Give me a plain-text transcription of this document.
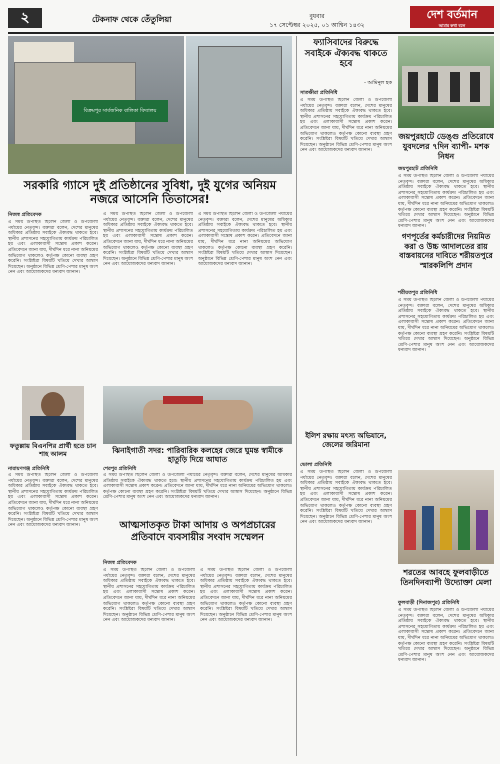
২	টেকনাফ থেকে তেঁতুলিয়া	বুধবার
১৭ সেপ্টেম্বর ২০২৫, ০১ আশ্বিন ১৪৩২
দেশ বর্তমান
আমার কথা বলে
বিক্রমপুর সার্বজনিক বালিকা বিদ্যালয়
সরকারি গ্যাসে দুই প্রতিষ্ঠানের সুবিধা, দুই যুগের অনিয়ম নজরে আসেনি তিতাসের!
নিজস্ব প্রতিবেদক
এ সময় উপস্থিত ছিলেন জেলা ও উপজেলা পর্যায়ের নেতৃবৃন্দ। বক্তারা বলেন, দেশের মানুষের অধিকার প্রতিষ্ঠায় সবাইকে ঐক্যবদ্ধ থাকতে হবে। স্থানীয় প্রশাসনের সহযোগিতায় কার্যক্রম পরিচালিত হয় এবং এলাকাবাসী সন্তোষ প্রকাশ করেন। প্রতিবেদনে জানা যায়, দীর্ঘদিন ধরে নানা অনিয়মের অভিযোগ থাকলেও কর্তৃপক্ষ কোনো ব্যবস্থা গ্রহণ করেনি। সংশ্লিষ্টরা বিষয়টি খতিয়ে দেখার আশ্বাস দিয়েছেন। অনুষ্ঠানে বিভিন্ন শ্রেণি-পেশার মানুষ অংশ নেন এবং আয়োজকদের ধন্যবাদ জানান।
এ সময় উপস্থিত ছিলেন জেলা ও উপজেলা পর্যায়ের নেতৃবৃন্দ। বক্তারা বলেন, দেশের মানুষের অধিকার প্রতিষ্ঠায় সবাইকে ঐক্যবদ্ধ থাকতে হবে। স্থানীয় প্রশাসনের সহযোগিতায় কার্যক্রম পরিচালিত হয় এবং এলাকাবাসী সন্তোষ প্রকাশ করেন। প্রতিবেদনে জানা যায়, দীর্ঘদিন ধরে নানা অনিয়মের অভিযোগ থাকলেও কর্তৃপক্ষ কোনো ব্যবস্থা গ্রহণ করেনি। সংশ্লিষ্টরা বিষয়টি খতিয়ে দেখার আশ্বাস দিয়েছেন। অনুষ্ঠানে বিভিন্ন শ্রেণি-পেশার মানুষ অংশ নেন এবং আয়োজকদের ধন্যবাদ জানান।
এ সময় উপস্থিত ছিলেন জেলা ও উপজেলা পর্যায়ের নেতৃবৃন্দ। বক্তারা বলেন, দেশের মানুষের অধিকার প্রতিষ্ঠায় সবাইকে ঐক্যবদ্ধ থাকতে হবে। স্থানীয় প্রশাসনের সহযোগিতায় কার্যক্রম পরিচালিত হয় এবং এলাকাবাসী সন্তোষ প্রকাশ করেন। প্রতিবেদনে জানা যায়, দীর্ঘদিন ধরে নানা অনিয়মের অভিযোগ থাকলেও কর্তৃপক্ষ কোনো ব্যবস্থা গ্রহণ করেনি। সংশ্লিষ্টরা বিষয়টি খতিয়ে দেখার আশ্বাস দিয়েছেন। অনুষ্ঠানে বিভিন্ন শ্রেণি-পেশার মানুষ অংশ নেন এবং আয়োজকদের ধন্যবাদ জানান।
ফতুল্লায় বিএনপির প্রার্থী হতে চান শাহ আলম
নারায়ণগঞ্জ প্রতিনিধি
এ সময় উপস্থিত ছিলেন জেলা ও উপজেলা পর্যায়ের নেতৃবৃন্দ। বক্তারা বলেন, দেশের মানুষের অধিকার প্রতিষ্ঠায় সবাইকে ঐক্যবদ্ধ থাকতে হবে। স্থানীয় প্রশাসনের সহযোগিতায় কার্যক্রম পরিচালিত হয় এবং এলাকাবাসী সন্তোষ প্রকাশ করেন। প্রতিবেদনে জানা যায়, দীর্ঘদিন ধরে নানা অনিয়মের অভিযোগ থাকলেও কর্তৃপক্ষ কোনো ব্যবস্থা গ্রহণ করেনি। সংশ্লিষ্টরা বিষয়টি খতিয়ে দেখার আশ্বাস দিয়েছেন। অনুষ্ঠানে বিভিন্ন শ্রেণি-পেশার মানুষ অংশ নেন এবং আয়োজকদের ধন্যবাদ জানান।
ঝিনাইগাতী সদর: পারিবারিক কলহের জেরে ঘুমন্ত স্বামীকে হাতুড়ি দিয়ে আঘাত
শেরপুর প্রতিনিধি
এ সময় উপস্থিত ছিলেন জেলা ও উপজেলা পর্যায়ের নেতৃবৃন্দ। বক্তারা বলেন, দেশের মানুষের অধিকার প্রতিষ্ঠায় সবাইকে ঐক্যবদ্ধ থাকতে হবে। স্থানীয় প্রশাসনের সহযোগিতায় কার্যক্রম পরিচালিত হয় এবং এলাকাবাসী সন্তোষ প্রকাশ করেন। প্রতিবেদনে জানা যায়, দীর্ঘদিন ধরে নানা অনিয়মের অভিযোগ থাকলেও কর্তৃপক্ষ কোনো ব্যবস্থা গ্রহণ করেনি। সংশ্লিষ্টরা বিষয়টি খতিয়ে দেখার আশ্বাস দিয়েছেন। অনুষ্ঠানে বিভিন্ন শ্রেণি-পেশার মানুষ অংশ নেন এবং আয়োজকদের ধন্যবাদ জানান।
আত্মসাতকৃত টাকা আদায় ও অপপ্রচারের প্রতিবাদে ব্যবসায়ীর সংবাদ সম্মেলন
নিজস্ব প্রতিবেদক
এ সময় উপস্থিত ছিলেন জেলা ও উপজেলা পর্যায়ের নেতৃবৃন্দ। বক্তারা বলেন, দেশের মানুষের অধিকার প্রতিষ্ঠায় সবাইকে ঐক্যবদ্ধ থাকতে হবে। স্থানীয় প্রশাসনের সহযোগিতায় কার্যক্রম পরিচালিত হয় এবং এলাকাবাসী সন্তোষ প্রকাশ করেন। প্রতিবেদনে জানা যায়, দীর্ঘদিন ধরে নানা অনিয়মের অভিযোগ থাকলেও কর্তৃপক্ষ কোনো ব্যবস্থা গ্রহণ করেনি। সংশ্লিষ্টরা বিষয়টি খতিয়ে দেখার আশ্বাস দিয়েছেন। অনুষ্ঠানে বিভিন্ন শ্রেণি-পেশার মানুষ অংশ নেন এবং আয়োজকদের ধন্যবাদ জানান।
এ সময় উপস্থিত ছিলেন জেলা ও উপজেলা পর্যায়ের নেতৃবৃন্দ। বক্তারা বলেন, দেশের মানুষের অধিকার প্রতিষ্ঠায় সবাইকে ঐক্যবদ্ধ থাকতে হবে। স্থানীয় প্রশাসনের সহযোগিতায় কার্যক্রম পরিচালিত হয় এবং এলাকাবাসী সন্তোষ প্রকাশ করেন। প্রতিবেদনে জানা যায়, দীর্ঘদিন ধরে নানা অনিয়মের অভিযোগ থাকলেও কর্তৃপক্ষ কোনো ব্যবস্থা গ্রহণ করেনি। সংশ্লিষ্টরা বিষয়টি খতিয়ে দেখার আশ্বাস দিয়েছেন। অনুষ্ঠানে বিভিন্ন শ্রেণি-পেশার মানুষ অংশ নেন এবং আয়োজকদের ধন্যবাদ জানান।
ফ্যাসিবাদের বিরুদ্ধে সবাইকে ঐক্যবদ্ধ থাকতে হবে
- আমিনুল হক
সাতক্ষীরা প্রতিনিধি
এ সময় উপস্থিত ছিলেন জেলা ও উপজেলা পর্যায়ের নেতৃবৃন্দ। বক্তারা বলেন, দেশের মানুষের অধিকার প্রতিষ্ঠায় সবাইকে ঐক্যবদ্ধ থাকতে হবে। স্থানীয় প্রশাসনের সহযোগিতায় কার্যক্রম পরিচালিত হয় এবং এলাকাবাসী সন্তোষ প্রকাশ করেন। প্রতিবেদনে জানা যায়, দীর্ঘদিন ধরে নানা অনিয়মের অভিযোগ থাকলেও কর্তৃপক্ষ কোনো ব্যবস্থা গ্রহণ করেনি। সংশ্লিষ্টরা বিষয়টি খতিয়ে দেখার আশ্বাস দিয়েছেন। অনুষ্ঠানে বিভিন্ন শ্রেণি-পেশার মানুষ অংশ নেন এবং আয়োজকদের ধন্যবাদ জানান।
ইলিশ রক্ষায় মৎস্য অভিযানে, জেলের জরিমানা
ভোলা প্রতিনিধি
এ সময় উপস্থিত ছিলেন জেলা ও উপজেলা পর্যায়ের নেতৃবৃন্দ। বক্তারা বলেন, দেশের মানুষের অধিকার প্রতিষ্ঠায় সবাইকে ঐক্যবদ্ধ থাকতে হবে। স্থানীয় প্রশাসনের সহযোগিতায় কার্যক্রম পরিচালিত হয় এবং এলাকাবাসী সন্তোষ প্রকাশ করেন। প্রতিবেদনে জানা যায়, দীর্ঘদিন ধরে নানা অনিয়মের অভিযোগ থাকলেও কর্তৃপক্ষ কোনো ব্যবস্থা গ্রহণ করেনি। সংশ্লিষ্টরা বিষয়টি খতিয়ে দেখার আশ্বাস দিয়েছেন। অনুষ্ঠানে বিভিন্ন শ্রেণি-পেশার মানুষ অংশ নেন এবং আয়োজকদের ধন্যবাদ জানান।
জয়পুরহাটে ডেঙ্গু প্রতিরোধে যুবদলের ৭দিন ব্যাপী- মশক নিধন
জয়পুরহাট প্রতিনিধি
এ সময় উপস্থিত ছিলেন জেলা ও উপজেলা পর্যায়ের নেতৃবৃন্দ। বক্তারা বলেন, দেশের মানুষের অধিকার প্রতিষ্ঠায় সবাইকে ঐক্যবদ্ধ থাকতে হবে। স্থানীয় প্রশাসনের সহযোগিতায় কার্যক্রম পরিচালিত হয় এবং এলাকাবাসী সন্তোষ প্রকাশ করেন। প্রতিবেদনে জানা যায়, দীর্ঘদিন ধরে নানা অনিয়মের অভিযোগ থাকলেও কর্তৃপক্ষ কোনো ব্যবস্থা গ্রহণ করেনি। সংশ্লিষ্টরা বিষয়টি খতিয়ে দেখার আশ্বাস দিয়েছেন। অনুষ্ঠানে বিভিন্ন শ্রেণি-পেশার মানুষ অংশ নেন এবং আয়োজকদের ধন্যবাদ জানান।
গণপূর্তের কর্মচারীদের নিয়মিত করা ও উচ্চ আদালতের রায় বাস্তবায়নের দাবিতে শরীয়তপুরে স্মারকলিপি প্রদান
শরীয়তপুর প্রতিনিধি
এ সময় উপস্থিত ছিলেন জেলা ও উপজেলা পর্যায়ের নেতৃবৃন্দ। বক্তারা বলেন, দেশের মানুষের অধিকার প্রতিষ্ঠায় সবাইকে ঐক্যবদ্ধ থাকতে হবে। স্থানীয় প্রশাসনের সহযোগিতায় কার্যক্রম পরিচালিত হয় এবং এলাকাবাসী সন্তোষ প্রকাশ করেন। প্রতিবেদনে জানা যায়, দীর্ঘদিন ধরে নানা অনিয়মের অভিযোগ থাকলেও কর্তৃপক্ষ কোনো ব্যবস্থা গ্রহণ করেনি। সংশ্লিষ্টরা বিষয়টি খতিয়ে দেখার আশ্বাস দিয়েছেন। অনুষ্ঠানে বিভিন্ন শ্রেণি-পেশার মানুষ অংশ নেন এবং আয়োজকদের ধন্যবাদ জানান।
শরতের আবহে ফুলবাড়ীতে তিনদিনব্যাপী উদ্যোক্তা মেলা
ফুলবাড়ী (দিনাজপুর) প্রতিনিধি
এ সময় উপস্থিত ছিলেন জেলা ও উপজেলা পর্যায়ের নেতৃবৃন্দ। বক্তারা বলেন, দেশের মানুষের অধিকার প্রতিষ্ঠায় সবাইকে ঐক্যবদ্ধ থাকতে হবে। স্থানীয় প্রশাসনের সহযোগিতায় কার্যক্রম পরিচালিত হয় এবং এলাকাবাসী সন্তোষ প্রকাশ করেন। প্রতিবেদনে জানা যায়, দীর্ঘদিন ধরে নানা অনিয়মের অভিযোগ থাকলেও কর্তৃপক্ষ কোনো ব্যবস্থা গ্রহণ করেনি। সংশ্লিষ্টরা বিষয়টি খতিয়ে দেখার আশ্বাস দিয়েছেন। অনুষ্ঠানে বিভিন্ন শ্রেণি-পেশার মানুষ অংশ নেন এবং আয়োজকদের ধন্যবাদ জানান।
